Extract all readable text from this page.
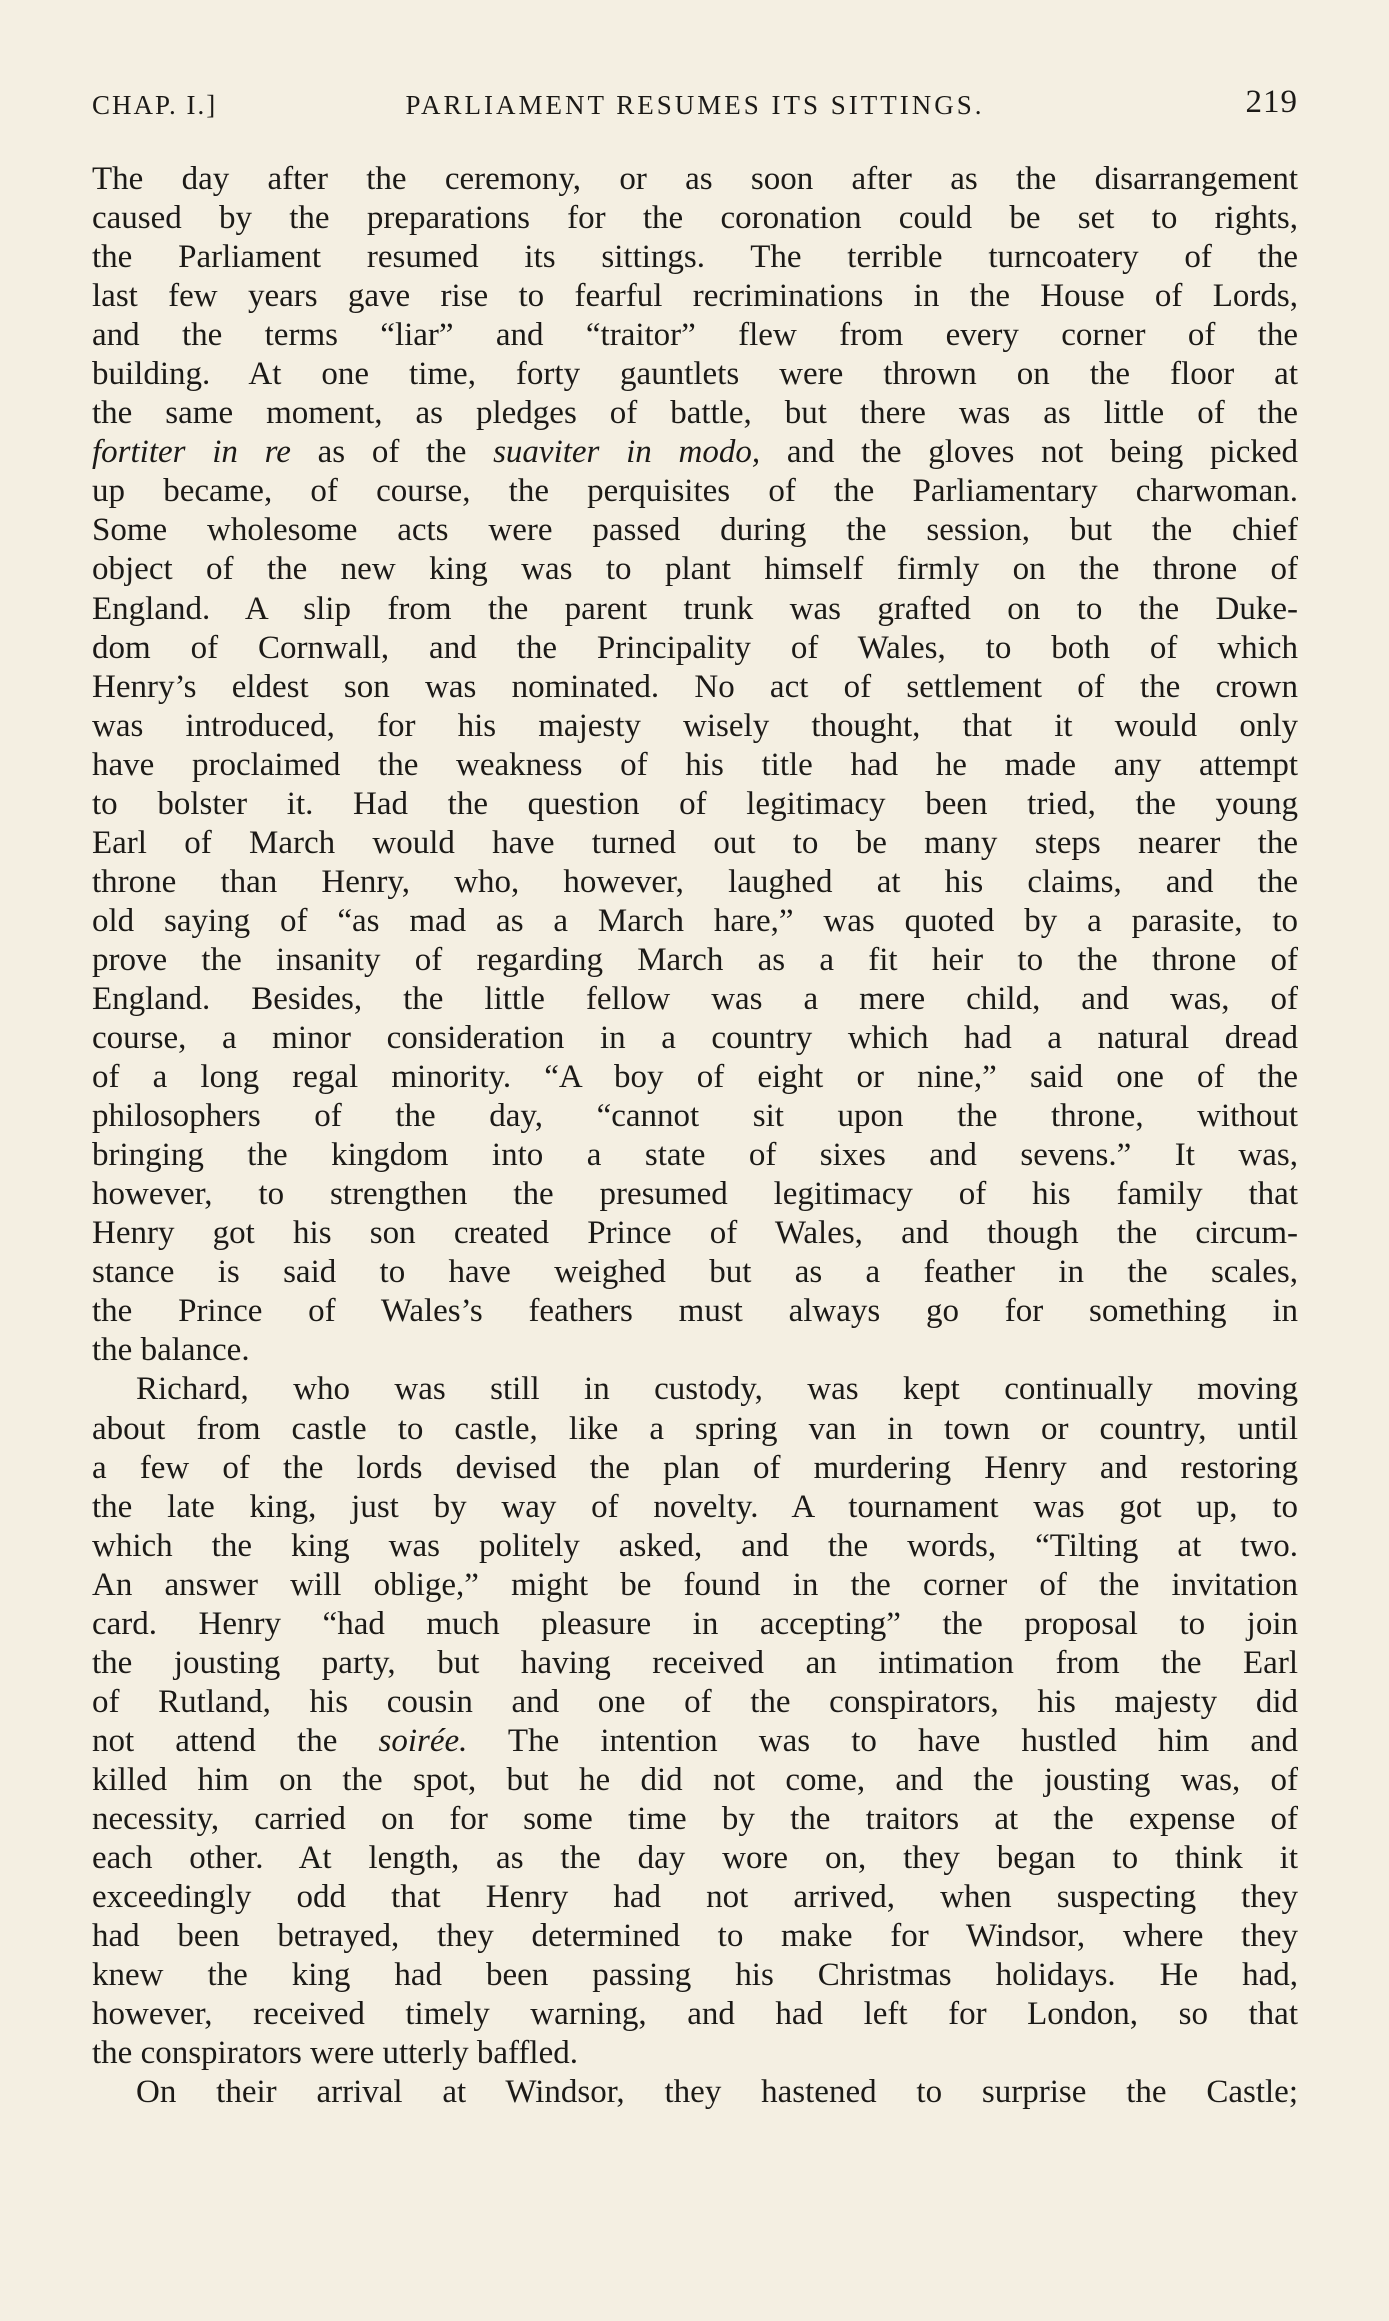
CHAP. I.]	PARLIAMENT RESUMES ITS SITTINGS.	219
The day after the ceremony, or as soon after as the disarrangement
caused by the preparations for the coronation could be set to rights,
the Parliament resumed its sittings. The terrible turncoatery of the
last few years gave rise to fearful recriminations in the House of Lords,
and the terms “liar” and “traitor” flew from every corner of the
building. At one time, forty gauntlets were thrown on the floor at
the same moment, as pledges of battle, but there was as little of the
fortiter in re as of the suaviter in modo, and the gloves not being picked
up became, of course, the perquisites of the Parliamentary charwoman.
Some wholesome acts were passed during the session, but the chief
object of the new king was to plant himself firmly on the throne of
England. A slip from the parent trunk was grafted on to the Duke-
dom of Cornwall, and the Principality of Wales, to both of which
Henry’s eldest son was nominated. No act of settlement of the crown
was introduced, for his majesty wisely thought, that it would only
have proclaimed the weakness of his title had he made any attempt
to bolster it. Had the question of legitimacy been tried, the young
Earl of March would have turned out to be many steps nearer the
throne than Henry, who, however, laughed at his claims, and the
old saying of “as mad as a March hare,” was quoted by a parasite, to
prove the insanity of regarding March as a fit heir to the throne of
England. Besides, the little fellow was a mere child, and was, of
course, a minor consideration in a country which had a natural dread
of a long regal minority. “A boy of eight or nine,” said one of the
philosophers of the day, “cannot sit upon the throne, without
bringing the kingdom into a state of sixes and sevens.” It was,
however, to strengthen the presumed legitimacy of his family that
Henry got his son created Prince of Wales, and though the circum-
stance is said to have weighed but as a feather in the scales,
the Prince of Wales’s feathers must always go for something in
the balance.
Richard, who was still in custody, was kept continually moving
about from castle to castle, like a spring van in town or country, until
a few of the lords devised the plan of murdering Henry and restoring
the late king, just by way of novelty. A tournament was got up, to
which the king was politely asked, and the words, “Tilting at two.
An answer will oblige,” might be found in the corner of the invitation
card. Henry “had much pleasure in accepting” the proposal to join
the jousting party, but having received an intimation from the Earl
of Rutland, his cousin and one of the conspirators, his majesty did
not attend the soirée. The intention was to have hustled him and
killed him on the spot, but he did not come, and the jousting was, of
necessity, carried on for some time by the traitors at the expense of
each other. At length, as the day wore on, they began to think it
exceedingly odd that Henry had not arrived, when suspecting they
had been betrayed, they determined to make for Windsor, where they
knew the king had been passing his Christmas holidays. He had,
however, received timely warning, and had left for London, so that
the conspirators were utterly baffled.
On their arrival at Windsor, they hastened to surprise the Castle;
